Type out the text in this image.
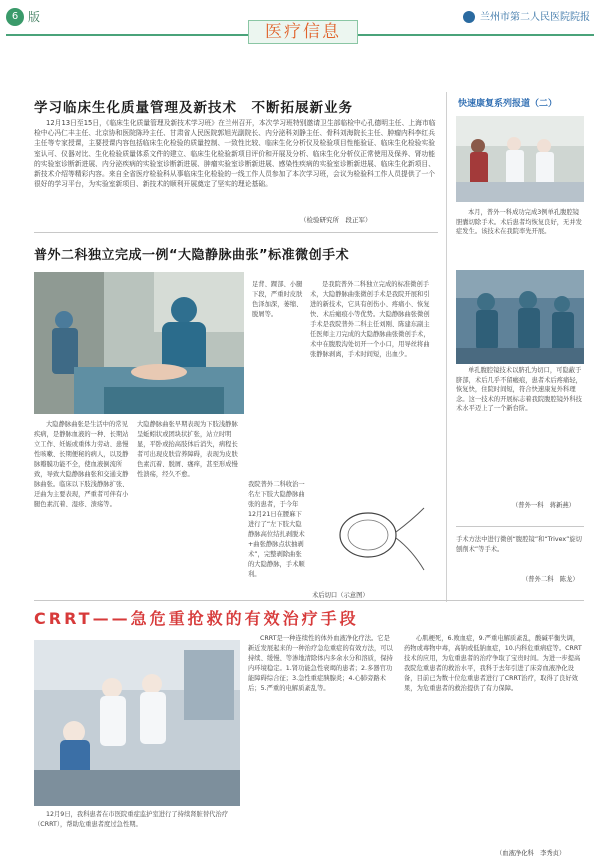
6 版
医疗信息
兰州市第二人民医院院报
学习临床生化质量管理及新技术　不断拓展新业务
12月13日至15日，《临床生化质量管理及新技术学习班》在兰州召开，本次学习班特别邀请卫生部临检中心孔德明主任、上海市临检中心冯仁丰主任、北京协和医院陈玲主任、甘肃省人民医院郭旭光副院长、内分泌科刘静主任、骨科刘海院长主任、肿瘤内科李红兵主任等专家授课，主要授课内容包括临床生化检验的质量控制、一致性比较、临床生化分析仪及检验项目性能验证、临床生化检验实验室认可、仪器对比、生化检验质量体系文件的建立、临床生化检验新项目评价和开展及分析、临床生化分析仪正常使用及保养、肾功能的实验室诊断新进展、内分泌疾病的实验室诊断新进展、肿瘤实验室诊断新进展、感染性疾病的实验室诊断新进展、临床生化新项目、新技术介绍等精彩内容。来自全省医疗检验科从事临床生化检验的一线工作人员参加了本次学习班，会议为检验科工作人员提供了一个很好的学习平台，为实验室新项目、新技术的顺利开展奠定了坚实的理论基础。
（检验研究所　段正军）
普外二科独立完成一例“大隐静脉曲张”标准微创手术
足背、踝部、小腿下段，严重时皮肤色泽加深，萎缩、脱屑等。
是我院普外二科独立完成的标准微创手术，大隐静脉曲张微创手术是我院开展和引进的新技术，它具有创伤小、疼痛小、恢复快、术后瘢痕小等优势。大隐静脉曲张微创手术是我院普外二科主任刘刚、陈建东副主任医师主刀完成的大隐静脉曲张微创手术，术中在腹股沟处切开一个小口，用导丝将曲张静脉剥离，手术时间短，出血少。
大隐静脉曲张是生活中的常见疾病，是静脉血液的一种、长期站立工作、妊娠或重体力劳动、患慢性咳嗽、长期便秘的病人，以及静脉瓣膜功能不全，使血液倒流所致，导致大隐静脉曲张和交通支静脉曲张。临床以下肢浅静脉扩张、迂曲为主要表现，严重者可伴有小腿色素沉着、湿疹、溃疡等。
大隐静脉曲张早期表现为下肢浅静脉呈蚯蚓状或团块状扩张，站立时明显，平卧或抬高肢体后消失，病程长者可出现皮肤营养障碍，表现为皮肤色素沉着、脱屑、瘙痒，甚至形成慢性溃疡，经久不愈。
我院普外二科收治一名左下肢大隐静脉曲张的患者，于今年12月21日在腰麻下进行了“左下肢大隐静脉高位结扎剥脱术+曲张静脉点状抽剥术”，完整剥除曲张的大隐静脉，手术顺利。
术后切口（示意图）
快速康复系列报道（二）
本月，普外一科成功完成3例单孔腹腔镜胆囊切除手术。术后患者均恢复良好，无并发症发生。该技术在我院率先开展。
单孔腹腔镜技术以脐孔为切口，可隐蔽于脐部，术后几乎不留瘢痕，患者术后疼痛轻，恢复快，住院时间短，符合快速康复外科理念。这一技术的开展标志着我院腹腔镜外科技术水平迈上了一个新台阶。
（普外一科　蒋新燕）
手术方法中进行微创“腹腔镜”和“Trivex”旋切刨削术”等手术。
（普外二科　陈龙）
CRRT——急危重抢救的有效治疗手段
12月9日，我科患者在市医院重症监护室进行了持续肾脏替代治疗（CRRT），帮助危重患者度过急性期。
CRRT是一种连续性的体外血液净化疗法。它是新近发展起来的一种治疗急危重症的有效方法，可以持续、缓慢、等渗地清除体内多余水分和溶质，保持内环境稳定。1.肾功能急性衰竭的患者；2.多器官功能障碍综合征；3.急性重症胰腺炎；4.心肺旁路术后；5.严重的电解质紊乱等。
心肌梗死，6.败血症，9.严重电解质紊乱，酸碱平衡失调，药物或毒物中毒，高钠或低钠血症，10.内科危重病症等。CRRT技术的应用，为危重患者的治疗争取了宝贵时间。为进一步提高我院危重患者的救治水平，我科于去年引进了床旁血液净化设备，目前已为数十位危重患者进行了CRRT治疗，取得了良好效果，为危重患者的救治提供了有力保障。
（血液净化科　李秀贞）
